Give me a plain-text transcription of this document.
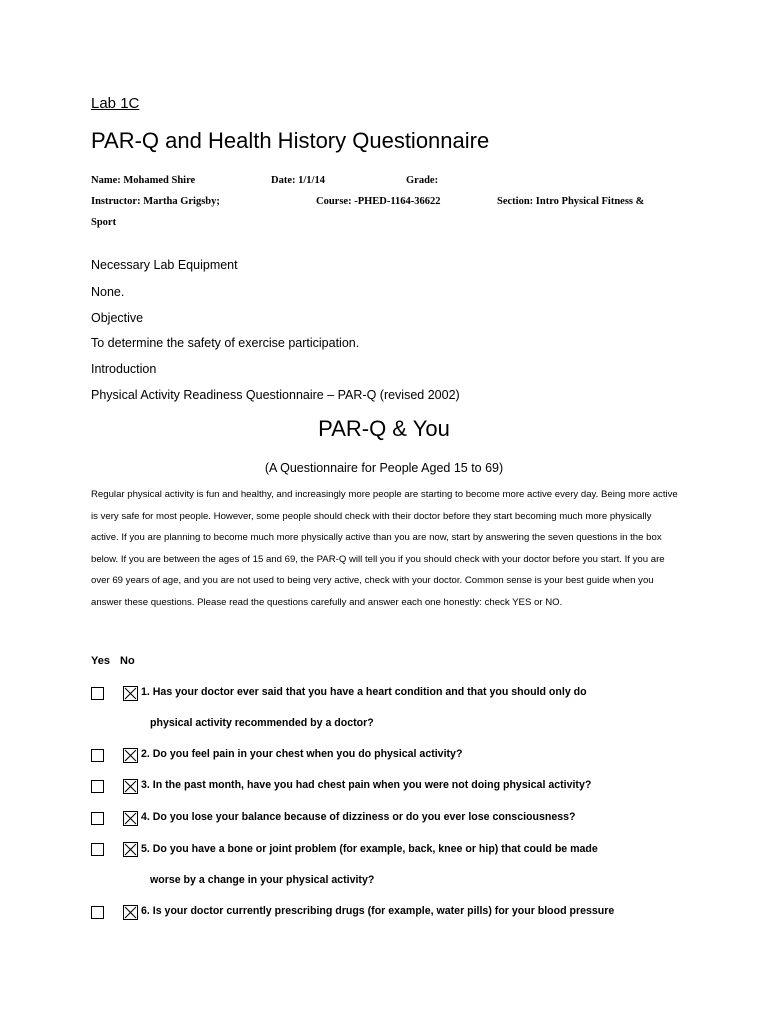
Lab 1C
PAR-Q and Health History Questionnaire
Name: Mohamed Shire	Date: 1/1/14	Grade:
Instructor: Martha Grigsby;	Course: -PHED-1164-36622	Section: Intro Physical Fitness &
Sport
Necessary Lab Equipment
None.
Objective
To determine the safety of exercise participation.
Introduction
Physical Activity Readiness Questionnaire – PAR-Q (revised 2002)
PAR-Q & You
(A Questionnaire for People Aged 15 to 69)
Regular physical activity is fun and healthy, and increasingly more people are starting to become more active every day. Being more active is very safe for most people. However, some people should check with their doctor before they start becoming much more physically active. If you are planning to become much more physically active than you are now, start by answering the seven questions in the box below. If you are between the ages of 15 and 69, the PAR-Q will tell you if you should check with your doctor before you start. If you are over 69 years of age, and you are not used to being very active, check with your doctor. Common sense is your best guide when you answer these questions. Please read the questions carefully and answer each one honestly: check YES or NO.
Yes No
1. Has your doctor ever said that you have a heart condition and that you should only do
physical activity recommended by a doctor?
2. Do you feel pain in your chest when you do physical activity?
3. In the past month, have you had chest pain when you were not doing physical activity?
4. Do you lose your balance because of dizziness or do you ever lose consciousness?
5. Do you have a bone or joint problem (for example, back, knee or hip) that could be made
worse by a change in your physical activity?
6. Is your doctor currently prescribing drugs (for example, water pills) for your blood pressure
